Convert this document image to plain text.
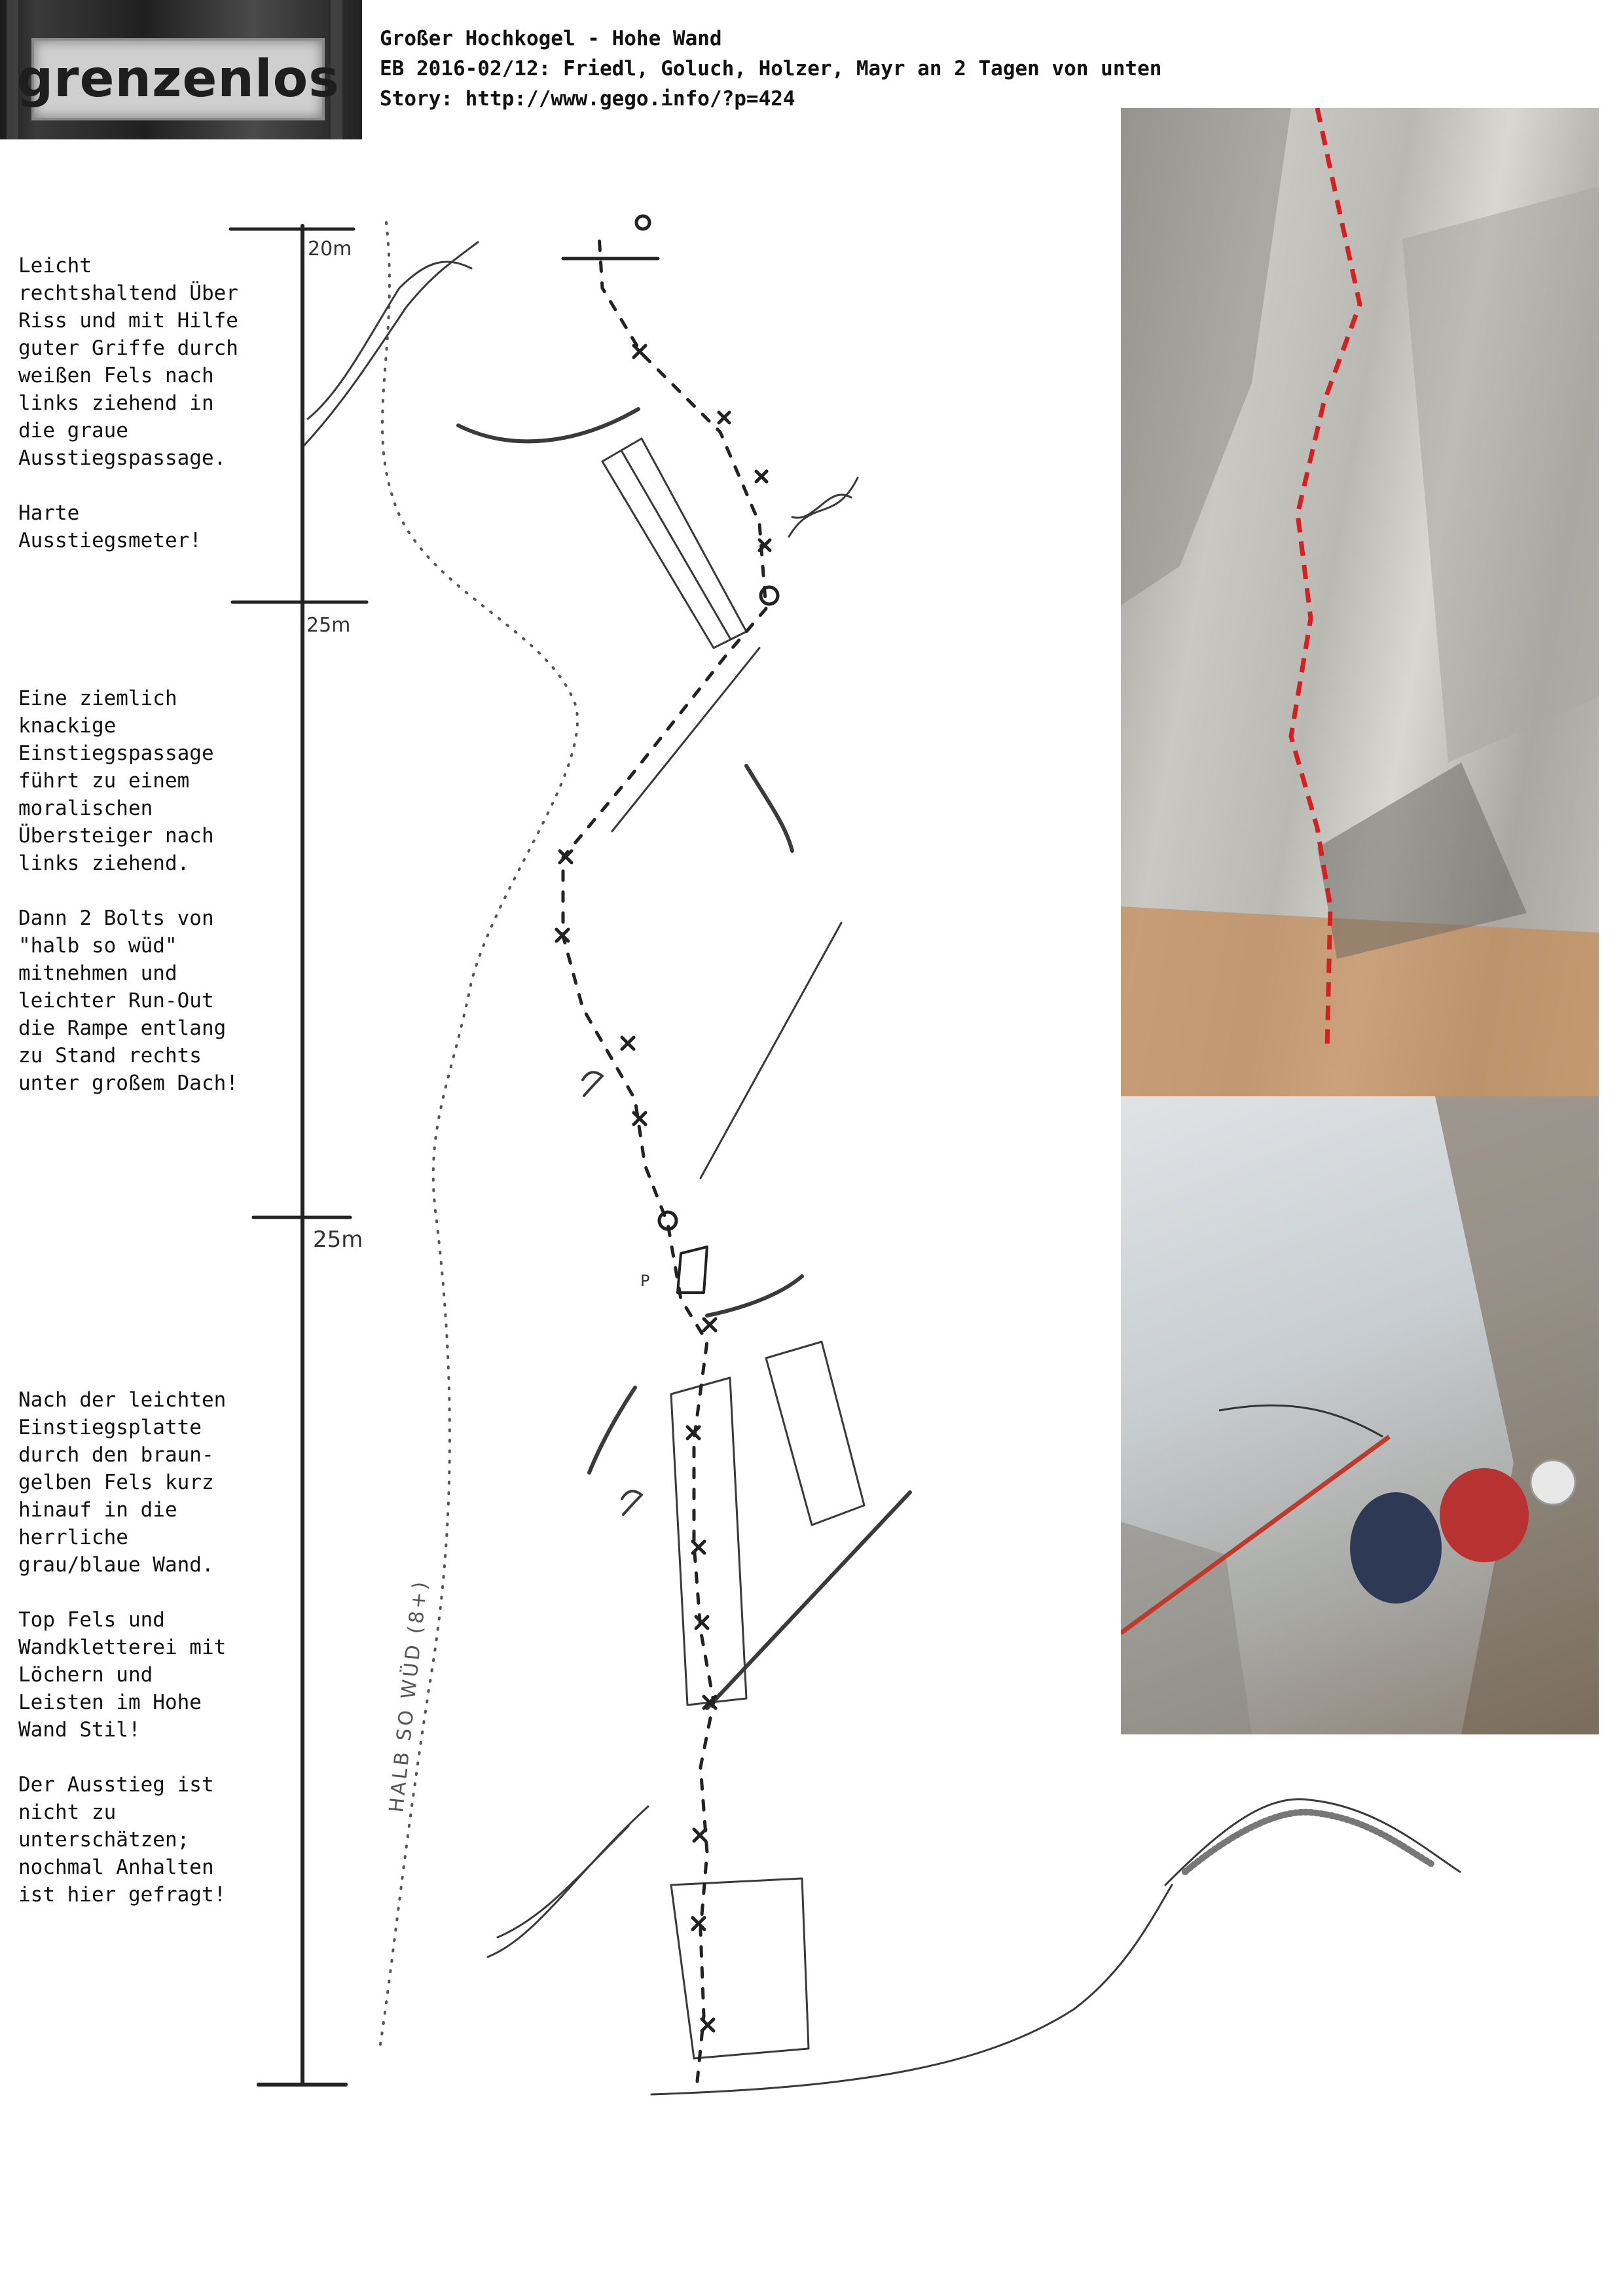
grenzenlos
Großer Hochkogel - Hohe Wand
EB 2016-02/12: Friedl, Goluch, Holzer, Mayr an 2 Tagen von unten
Story: http://www.gego.info/?p=424
Leicht
rechtshaltend Über
Riss und mit Hilfe
guter Griffe durch
weißen Fels nach
links ziehend in
die graue
Ausstiegspassage.

Harte
Ausstiegsmeter!
Eine ziemlich
knackige
Einstiegspassage
führt zu einem
moralischen
Übersteiger nach
links ziehend.

Dann 2 Bolts von
"halb so wüd"
mitnehmen und
leichter Run-Out
die Rampe entlang
zu Stand rechts
unter großem Dach!
Nach der leichten
Einstiegsplatte
durch den braun-
gelben Fels kurz
hinauf in die
herrliche
grau/blaue Wand.

Top Fels und
Wandkletterei mit
Löchern und
Leisten im Hohe
Wand Stil!

Der Ausstieg ist
nicht zu
unterschätzen;
nochmal Anhalten
ist hier gefragt!
20m
25m
25m
HALB SO WÜD (8+)
P
